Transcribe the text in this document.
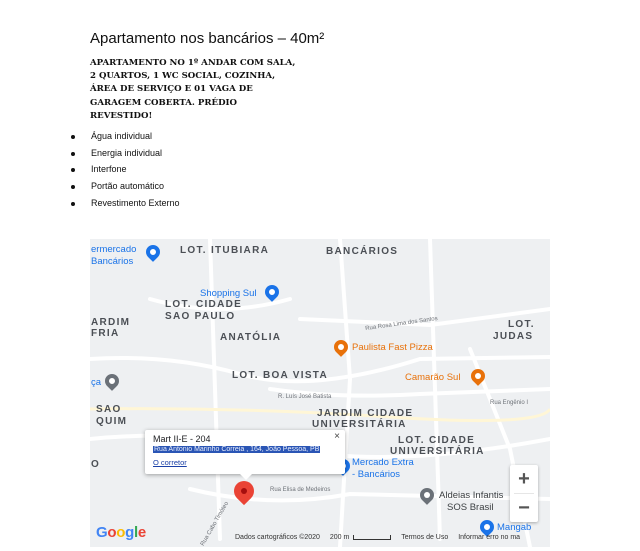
Apartamento nos bancários – 40m²
APARTAMENTO NO 1º ANDAR COM SALA,
2 QUARTOS, 1 WC SOCIAL, COZINHA,
ÁREA DE SERVIÇO E 01 VAGA DE
GARAGEM COBERTA. PRÉDIO
REVESTIDO!
Água individual
Energia individual
Interfone
Portão automático
Revestimento Externo
LOT. ITUBIARA	BANCÁRIOS
LOT. CIDADE
SAO PAULO
ARDIM
FRIA	ANATÓLIA
LOT.
JUDAS
LOT. BOA VISTA
SAO
QUIM
JARDIM CIDADE
UNIVERSITÁRIA
LOT. CIDADE
UNIVERSITÁRIA
O
Rua Rosa Lima dos Santos
R. Luís José Batista
Rua Engênio I
Rua Elisa de Medeiros
Rua Cabo Timóteo
ermercado
Bancários
Shopping Sul
Paulista Fast Pizza
Camarão Sul
ça
Mercado Extra
- Bancários
Aldeias Infantis
SOS Brasil
Mangab
Mart II-E - 204
Rua Antonio Marinho Correia , 164, João Pessoa, PB
O corretor
×
+
−
Google	Dados cartográficos ©2020 200 m	Termos de Uso Informar erro no ma
